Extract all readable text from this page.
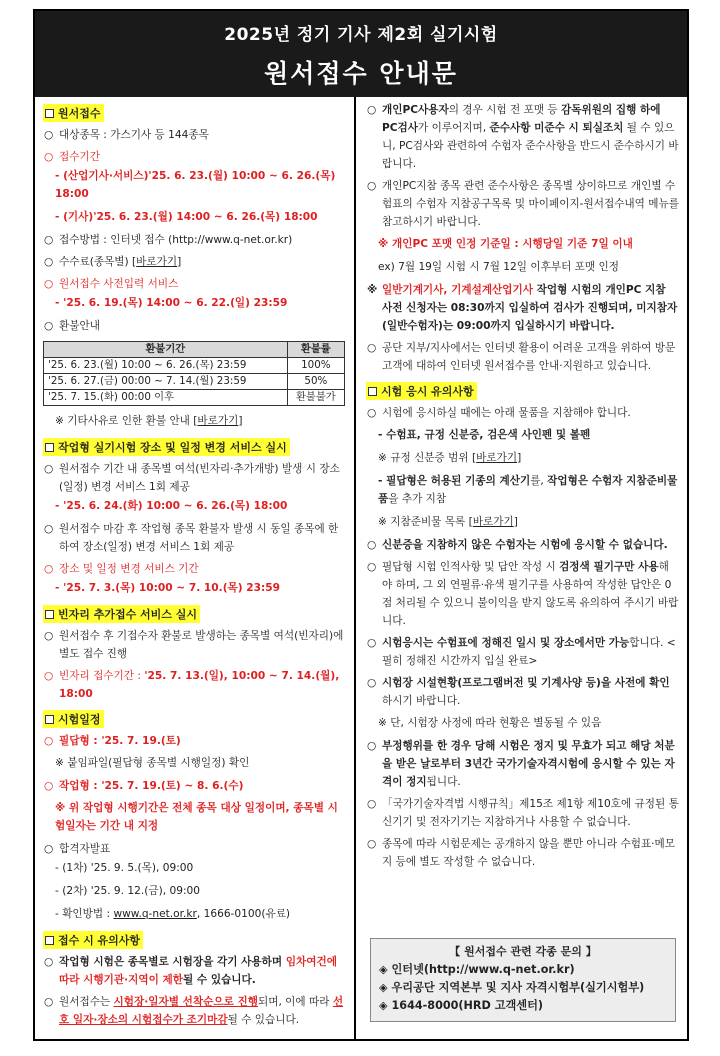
2025년 정기 기사 제2회 실기시험
원서접수 안내문
원서접수
○ 대상종목 : 가스기사 등 144종목
○ 접수기간
- (산업기사·서비스)'25. 6. 23.(월) 10:00 ~ 6. 26.(목) 18:00
- (기사)'25. 6. 23.(월) 14:00 ~ 6. 26.(목) 18:00
○ 접수방법 : 인터넷 접수 (http://www.q-net.or.kr)
○ 수수료(종목별) [바로가기]
○ 원서접수 사전입력 서비스
- '25. 6. 19.(목) 14:00 ~ 6. 22.(일) 23:59
○ 환불안내
환불기간	환불률
'25. 6. 23.(월) 10:00 ~ 6. 26.(목) 23:59	100%
'25. 6. 27.(금) 00:00 ~ 7. 14.(월) 23:59	50%
'25. 7. 15.(화) 00:00 이후	환불불가
※ 기타사유로 인한 환불 안내 [바로가기]
작업형 실기시험 장소 및 일정 변경 서비스 실시
○ 원서접수 기간 내 종목별 여석(빈자리·추가개방) 발생 시 장소(일정) 변경 서비스 1회 제공
- '25. 6. 24.(화) 10:00 ~ 6. 26.(목) 18:00
○ 원서접수 마감 후 작업형 종목 환불자 발생 시 동일 종목에 한하여 장소(일정) 변경 서비스 1회 제공
○ 장소 및 일정 변경 서비스 기간
- '25. 7. 3.(목) 10:00 ~ 7. 10.(목) 23:59
빈자리 추가접수 서비스 실시
○ 원서접수 후 기접수자 환불로 발생하는 종목별 여석(빈자리)에 별도 접수 진행
○ 빈자리 접수기간 : '25. 7. 13.(일), 10:00 ~ 7. 14.(월), 18:00
시험일정
○ 필답형 : '25. 7. 19.(토)
※ 붙임파일(필답형 종목별 시행일정) 확인
○ 작업형 : '25. 7. 19.(토) ~ 8. 6.(수)
※ 위 작업형 시행기간은 전체 종목 대상 일정이며, 종목별 시험일자는 기간 내 지정
○ 합격자발표
- (1차) '25. 9. 5.(목), 09:00
- (2차) '25. 9. 12.(금), 09:00
- 확인방법 : www.q-net.or.kr, 1666-0100(유료)
접수 시 유의사항
○ 작업형 시험은 종목별로 시험장을 각기 사용하며 임차여건에 따라 시행기관·지역이 제한될 수 있습니다.
○ 원서접수는 시험장·일자별 선착순으로 진행되며, 이에 따라 선호 일자·장소의 시험접수가 조기마감될 수 있습니다.
○ 개인PC사용자의 경우 시험 전 포맷 등 감독위원의 집행 하에 PC검사가 이루어지며, 준수사항 미준수 시 퇴실조치 될 수 있으니, PC검사와 관련하여 수험자 준수사항을 반드시 준수하시기 바랍니다.
○ 개인PC지참 종목 관련 준수사항은 종목별 상이하므로 개인별 수험표의 수험자 지참공구목록 및 마이페이지-원서접수내역 메뉴를 참고하시기 바랍니다.
※ 개인PC 포맷 인정 기준일 : 시행당일 기준 7일 이내
ex) 7월 19일 시험 시 7월 12일 이후부터 포맷 인정
※ 일반기계기사, 기계설계산업기사 작업형 시험의 개인PC 지참 사전 신청자는 08:30까지 입실하여 검사가 진행되며, 미지참자(일반수험자)는 09:00까지 입실하시기 바랍니다.
○ 공단 지부/지사에서는 인터넷 활용이 어려운 고객을 위하여 방문고객에 대하여 인터넷 원서접수를 안내·지원하고 있습니다.
시험 응시 유의사항
○ 시험에 응시하실 때에는 아래 물품을 지참해야 합니다.
- 수험표, 규정 신분증, 검은색 사인펜 및 볼펜
※ 규정 신분증 범위 [바로가기]
- 필답형은 허용된 기종의 계산기를, 작업형은 수험자 지참준비물품을 추가 지참
※ 지참준비물 목록 [바로가기]
○ 신분증을 지참하지 않은 수험자는 시험에 응시할 수 없습니다.
○ 필답형 시험 인적사항 및 답안 작성 시 검정색 필기구만 사용해야 하며, 그 외 연필류·유색 필기구를 사용하여 작성한 답안은 0점 처리될 수 있으니 불이익을 받지 않도록 유의하여 주시기 바랍니다.
○ 시험응시는 수험표에 정해진 일시 및 장소에서만 가능합니다. <필히 정해진 시간까지 입실 완료>
○ 시험장 시설현황(프로그램버전 및 기계사양 등)을 사전에 확인하시기 바랍니다.
※ 단, 시험장 사정에 따라 현황은 별동될 수 있음
○ 부정행위를 한 경우 당해 시험은 정지 및 무효가 되고 해당 처분을 받은 날로부터 3년간 국가기술자격시험에 응시할 수 있는 자격이 정지됩니다.
○ 「국가기술자격법 시행규칙」제15조 제1항 제10호에 규정된 통신기기 및 전자기기는 지참하거나 사용할 수 없습니다.
○ 종목에 따라 시험문제는 공개하지 않을 뿐만 아니라 수험표·메모지 등에 별도 작성할 수 없습니다.
【 원서접수 관련 각종 문의 】
◈ 인터넷(http://www.q-net.or.kr)
◈ 우리공단 지역본부 및 지사 자격시험부(실기시험부)
◈ 1644-8000(HRD 고객센터)
